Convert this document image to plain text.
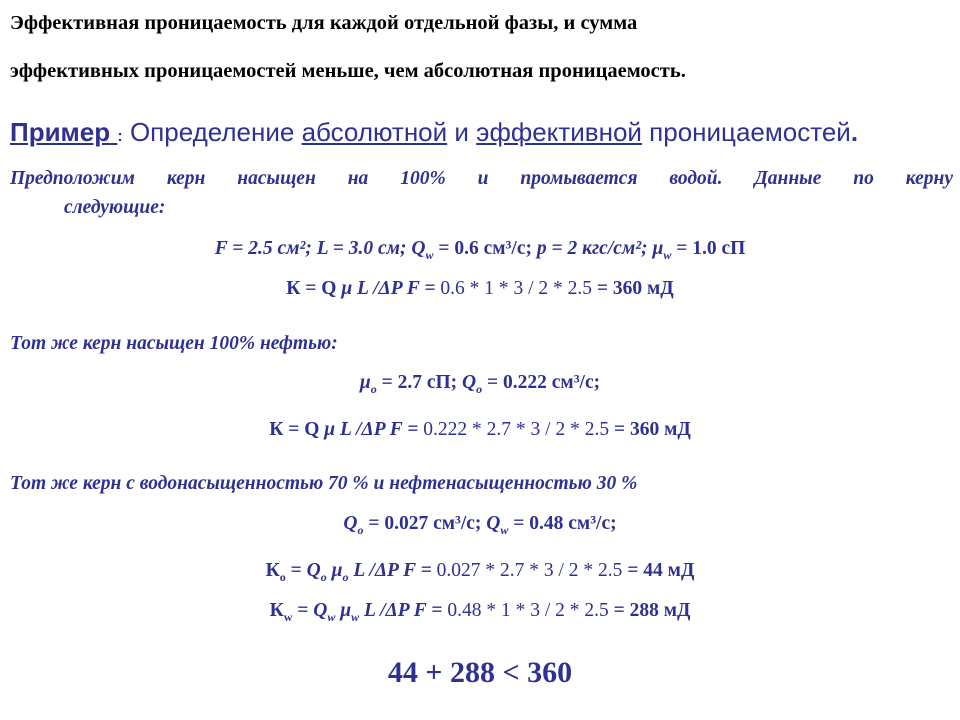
Эффективная проницаемость для каждой отдельной фазы, и сумма
эффективных проницаемостей меньше, чем абсолютная проницаемость.
Пример : Определение абсолютной и эффективной проницаемостей.
Предположим керн насыщен на 100% и промывается водой. Данные по керну
следующие:
F = 2.5 см²; L = 3.0 см; $Q_w = 0.6$ см³/с; p = 2 кгс/см²; $\mu_w = 1.0$ сП
К = Q μ L /ΔP F = 0.6 * 1 * 3 / 2 * 2.5 = 360 мД
Тот же керн насыщен 100% нефтью:
$\mu_o = 2.7$ сП; $Q_o = 0.222$ см³/с;
К = Q μ L /ΔP F = 0.222 * 2.7 * 3 / 2 * 2.5 = 360 мД
Тот же керн с водонасыщенностью 70 % и нефтенасыщенностью 30 %
$Q_o = 0.027$ см³/с; $Q_w = 0.48$ см³/с;
$К_o = Q_o$ $\mu_o$ L /ΔP F = 0.027 * 2.7 * 3 / 2 * 2.5 = 44 мД
$К_w = Q_w$ $\mu_w$ L /ΔP F = 0.48 * 1 * 3 / 2 * 2.5 = 288 мД
44 + 288 < 360
